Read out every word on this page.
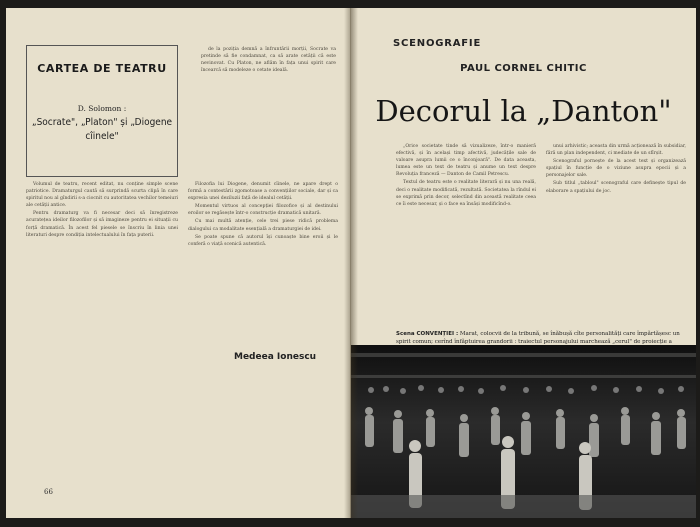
CARTEA DE TEATRU
D. Solomon :
„Socrate", „Platon" și „Diogene cîinele"

de la poziția demnă a înfruntării morții, Socrate va pretinde să fie condamnat, ca să arate cetății că este nevinovat. Cu Platon, ne aflăm în fața unui spirit care încearcă să modeleze o cetate ideală.

Volumul de teatru, recent editat, nu conține simple scene patriotice. Dramaturgul caută să surprindă scurta clipă în care spiritul nou al gîndirii s-a ciocnit cu autoritatea vechilor temeiuri ale cetății antice.

Pentru dramaturg va fi necesar deci să înregistreze acuratețea ideilor filozofilor și să imagineze pentru ei situații cu forță dramatică. În acest fel piesele se înscriu în linia unei literaturi despre condiția intelectualului în fața puterii.

Filozofia lui Diogene, denumit cîinele, ne apare drept o formă a contestării zgomotoase a convențiilor sociale, dar și ca expresia unei deziluzii față de idealul cetății.

Momentul virtuos al concepției filozofice și al destinului eroilor se regăsește într-o construcție dramatică unitară.

Cu mai multă atenție, cele trei piese ridică problema dialogului ca modalitate esențială a dramaturgiei de idei.

Se poate spune că autorul își cunoaște bine eroii și le conferă o viață scenică autentică.

Medeea Ionescu
66
SCENOGRAFIE
PAUL CORNEL CHITIC
Decorul la „Danton"

„Orice societate tinde să vizualizeze, într-o manieră efectivă, și în același timp afectivă, judecățile sale de valoare asupra lumii ce o înconjoară". De data aceasta, lumea este un text de teatru și anume un text despre Revoluția franceză — Danton de Camil Petrescu.

Textul de teatru este o realitate literară și nu una reală, deci o realitate modificată, rezultată. Societatea la rîndul ei se exprimă prin decor, selectînd din această realitate ceea ce îi este necesar, și o face ea însăși modificînd-o.

unui arhivistic; aceasta din urmă acționează în subsidiar, fără un plan independent, ci mediate de un sfîrșit.

Scenograful pornește de la acest text și organizează spațiul în funcție de o viziune asupra epocii și a personajelor sale.

Sub titlul „tabloul" scenograful care definește tipul de elaborare a spațiului de joc.

Scena CONVENȚIEI : Marat, colocvii de la tribună, se înăbușă cîte personalități care împărtășesc un spirit comun; cerînd înfăptuirea grandorii : traiectul personajului marchează „cerul" de proiecție a
